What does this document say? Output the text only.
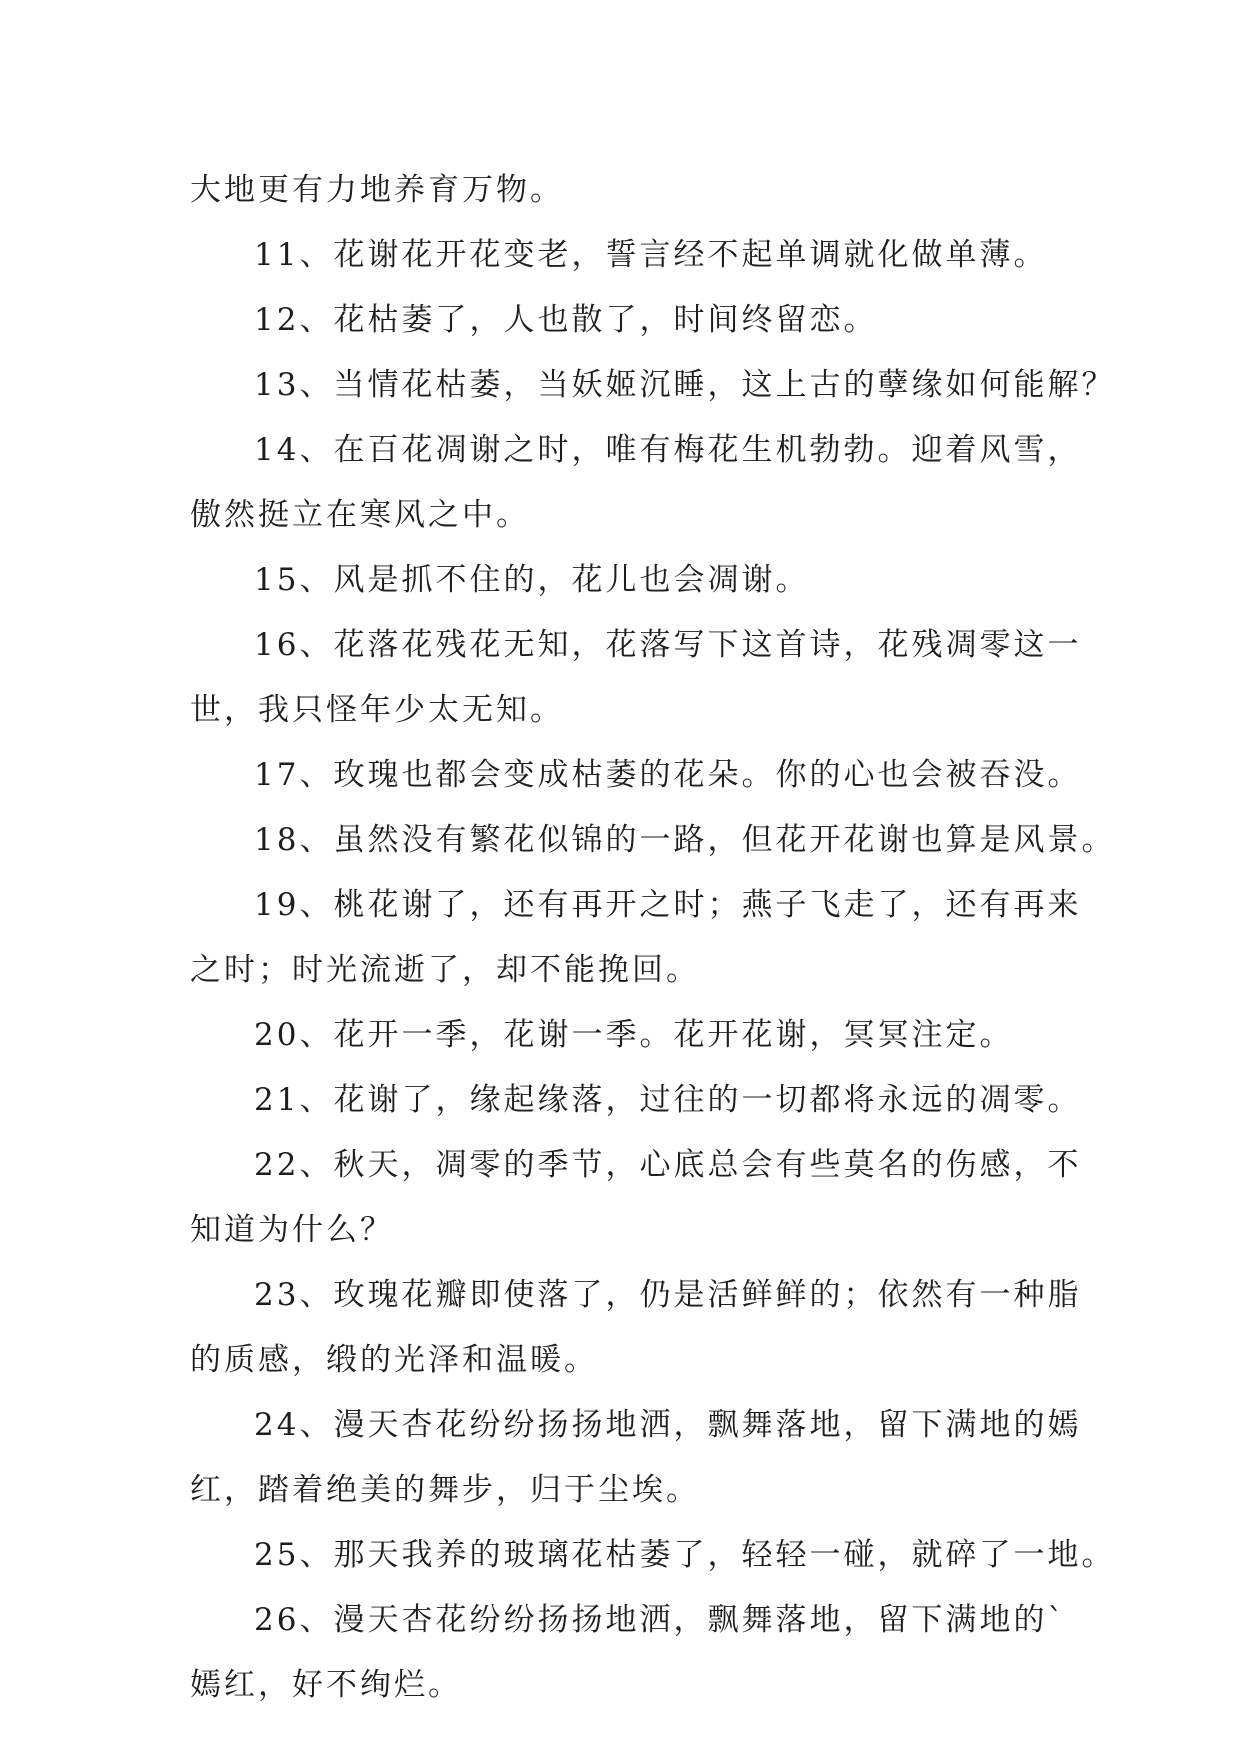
大地更有力地养育万物。

11、花谢花开花变老，誓言经不起单调就化做单薄。

12、花枯萎了，人也散了，时间终留恋。

13、当情花枯萎，当妖姬沉睡，这上古的孽缘如何能解？

14、在百花凋谢之时，唯有梅花生机勃勃。迎着风雪，

傲然挺立在寒风之中。

15、风是抓不住的，花儿也会凋谢。

16、花落花残花无知，花落写下这首诗，花残凋零这一

世，我只怪年少太无知。

17、玫瑰也都会变成枯萎的花朵。你的心也会被吞没。

18、虽然没有繁花似锦的一路，但花开花谢也算是风景。

19、桃花谢了，还有再开之时；燕子飞走了，还有再来

之时；时光流逝了，却不能挽回。

20、花开一季，花谢一季。花开花谢，冥冥注定。

21、花谢了，缘起缘落，过往的一切都将永远的凋零。

22、秋天，凋零的季节，心底总会有些莫名的伤感，不

知道为什么？

23、玫瑰花瓣即使落了，仍是活鲜鲜的；依然有一种脂

的质感，缎的光泽和温暖。

24、漫天杏花纷纷扬扬地洒，飘舞落地，留下满地的嫣

红，踏着绝美的舞步，归于尘埃。

25、那天我养的玻璃花枯萎了，轻轻一碰，就碎了一地。

26、漫天杏花纷纷扬扬地洒，飘舞落地，留下满地的`

嫣红，好不绚烂。
